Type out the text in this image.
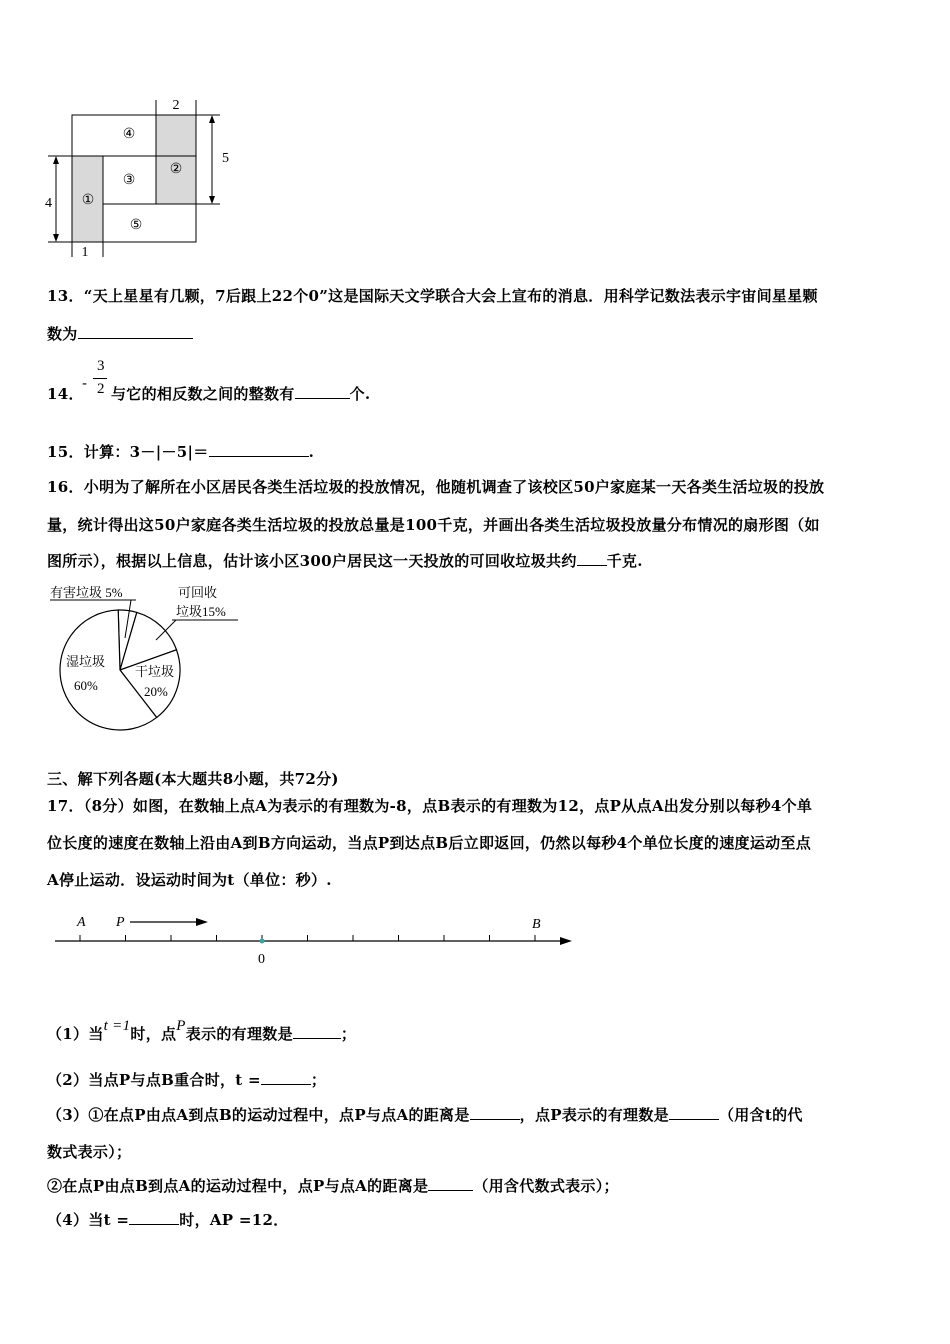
④
②
③
①
⑤
2
5
4
1
13．“天上星星有几颗，7后跟上22个0”这是国际天文学联合大会上宣布的消息．用科学记数法表示宇宙间星星颗
数为
14．
-
3
2 与它的相反数之间的整数有	个.
15．计算：3－|－5|＝	.
16．小明为了解所在小区居民各类生活垃圾的投放情况，他随机调查了该校区50户家庭某一天各类生活垃圾的投放
量，统计得出这50户家庭各类生活垃圾的投放总量是100千克，并画出各类生活垃圾投放量分布情况的扇形图（如
图所示），根据以上信息，估计该小区300户居民这一天投放的可回收垃圾共约 千克.
有害垃圾 5%	可回收
垃圾15%
干垃圾
20%
湿垃圾
60%
三、解下列各题(本大题共8小题，共72分)
17．（8分）如图，在数轴上点A为表示的有理数为-8，点B表示的有理数为12，点P从点A出发分别以每秒4个单
位长度的速度在数轴上沿由A到B方向运动，当点P到达点B后立即返回，仍然以每秒4个单位长度的速度运动至点
A停止运动．设运动时间为t（单位：秒）.
A P	B
0
（1）当t =1时，点P表示的有理数是	；
（2）当点P与点B重合时，t =	；
（3）①在点P由点A到点B的运动过程中，点P与点A的距离是	，点P表示的有理数是	（用含t的代
数式表示）；
②在点P由点B到点A的运动过程中，点P与点A的距离是	（用含代数式表示）；
（4）当t =	时，AP =12．
